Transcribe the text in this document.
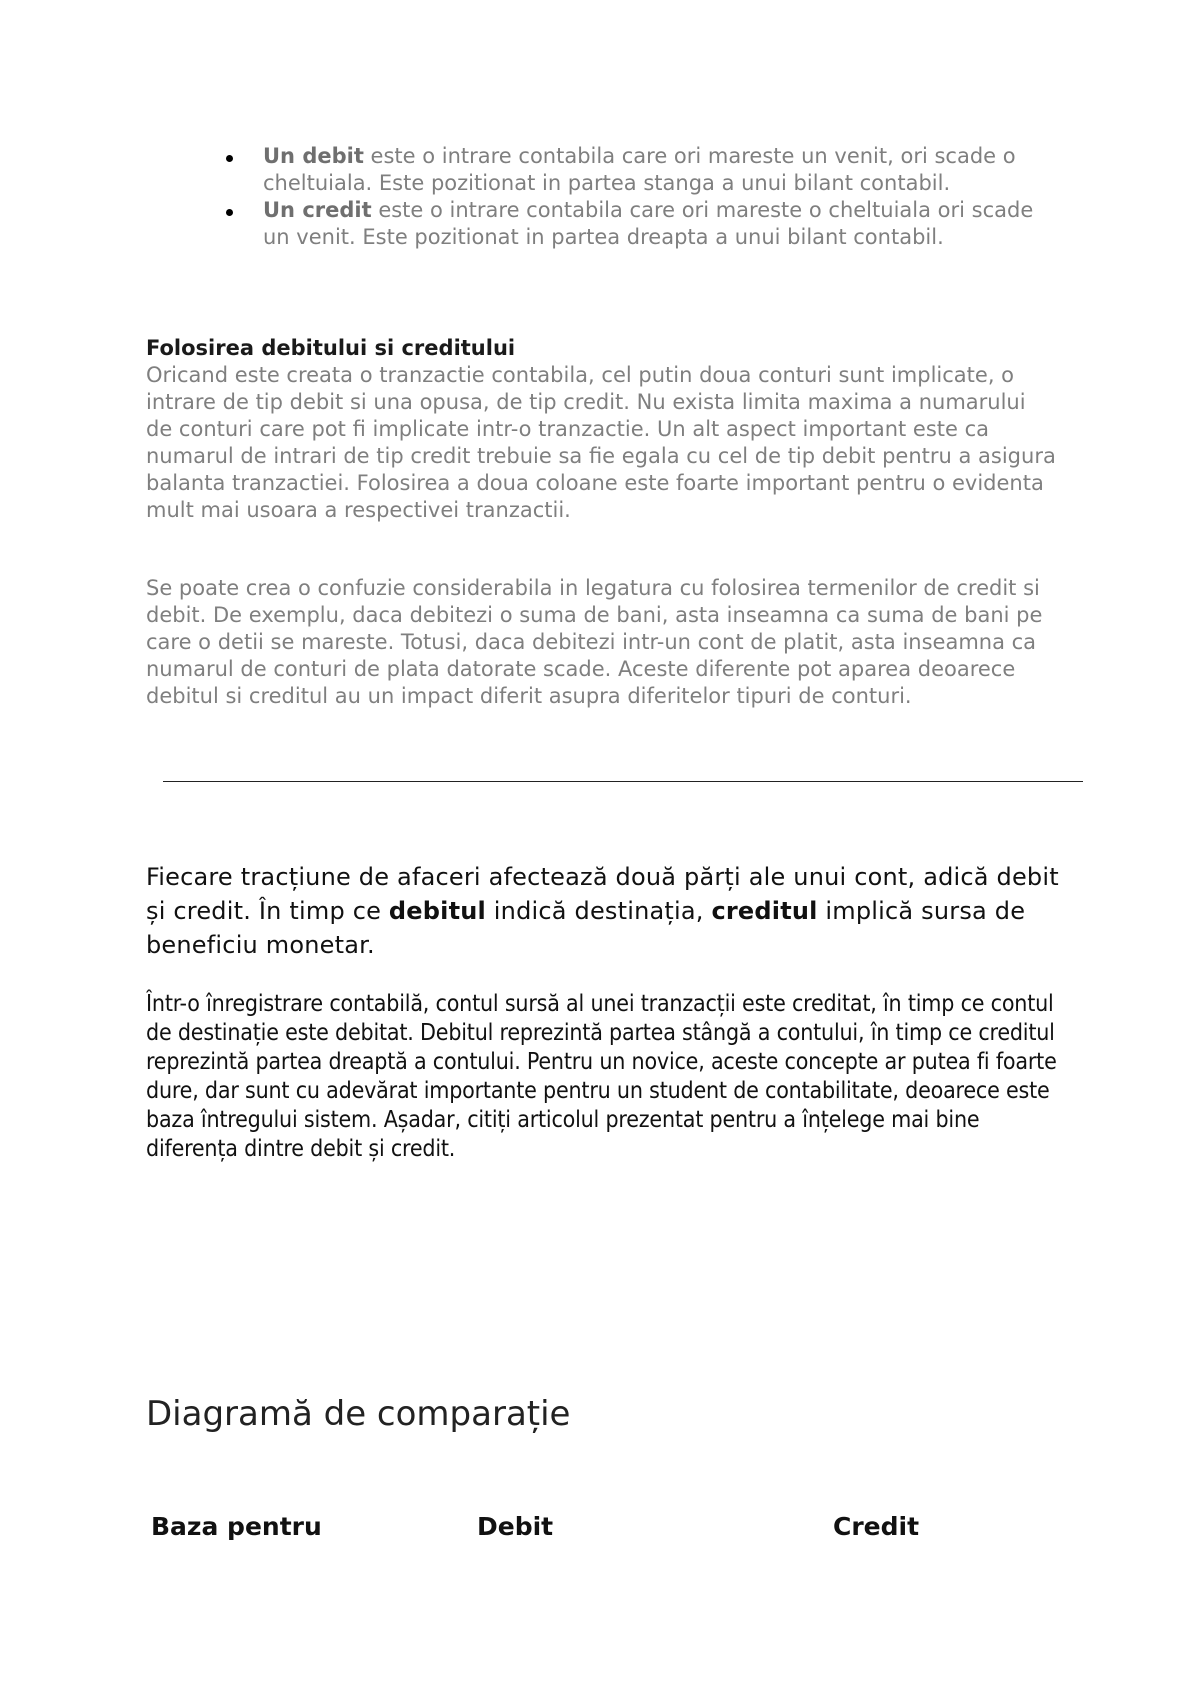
Un debit este o intrare contabila care ori mareste un venit, ori scade o cheltuiala. Este pozitionat in partea stanga a unui bilant contabil.
Un credit este o intrare contabila care ori mareste o cheltuiala ori scade un venit. Este pozitionat in partea dreapta a unui bilant contabil.
Folosirea debitului si creditului
Oricand este creata o tranzactie contabila, cel putin doua conturi sunt implicate, o intrare de tip debit si una opusa, de tip credit. Nu exista limita maxima a numarului de conturi care pot fi implicate intr-o tranzactie. Un alt aspect important este ca numarul de intrari de tip credit trebuie sa fie egala cu cel de tip debit pentru a asigura balanta tranzactiei. Folosirea a doua coloane este foarte important pentru o evidenta mult mai usoara a respectivei tranzactii.

Se poate crea o confuzie considerabila in legatura cu folosirea termenilor de credit si debit. De exemplu, daca debitezi o suma de bani, asta inseamna ca suma de bani pe care o detii se mareste. Totusi, daca debitezi intr-un cont de platit, asta inseamna ca numarul de conturi de plata datorate scade. Aceste diferente pot aparea deoarece debitul si creditul au un impact diferit asupra diferitelor tipuri de conturi.

Fiecare tracțiune de afaceri afectează două părți ale unui cont, adică debit și credit. În timp ce debitul indică destinația, creditul implică sursa de beneficiu monetar.

Într-o înregistrare contabilă, contul sursă al unei tranzacții este creditat, în timp ce contul de destinație este debitat. Debitul reprezintă partea stângă a contului, în timp ce creditul reprezintă partea dreaptă a contului. Pentru un novice, aceste concepte ar putea fi foarte dure, dar sunt cu adevărat importante pentru un student de contabilitate, deoarece este baza întregului sistem. Așadar, citiți articolul prezentat pentru a înțelege mai bine diferența dintre debit și credit.

Diagramă de comparație
Baza pentru	Debit	Credit
